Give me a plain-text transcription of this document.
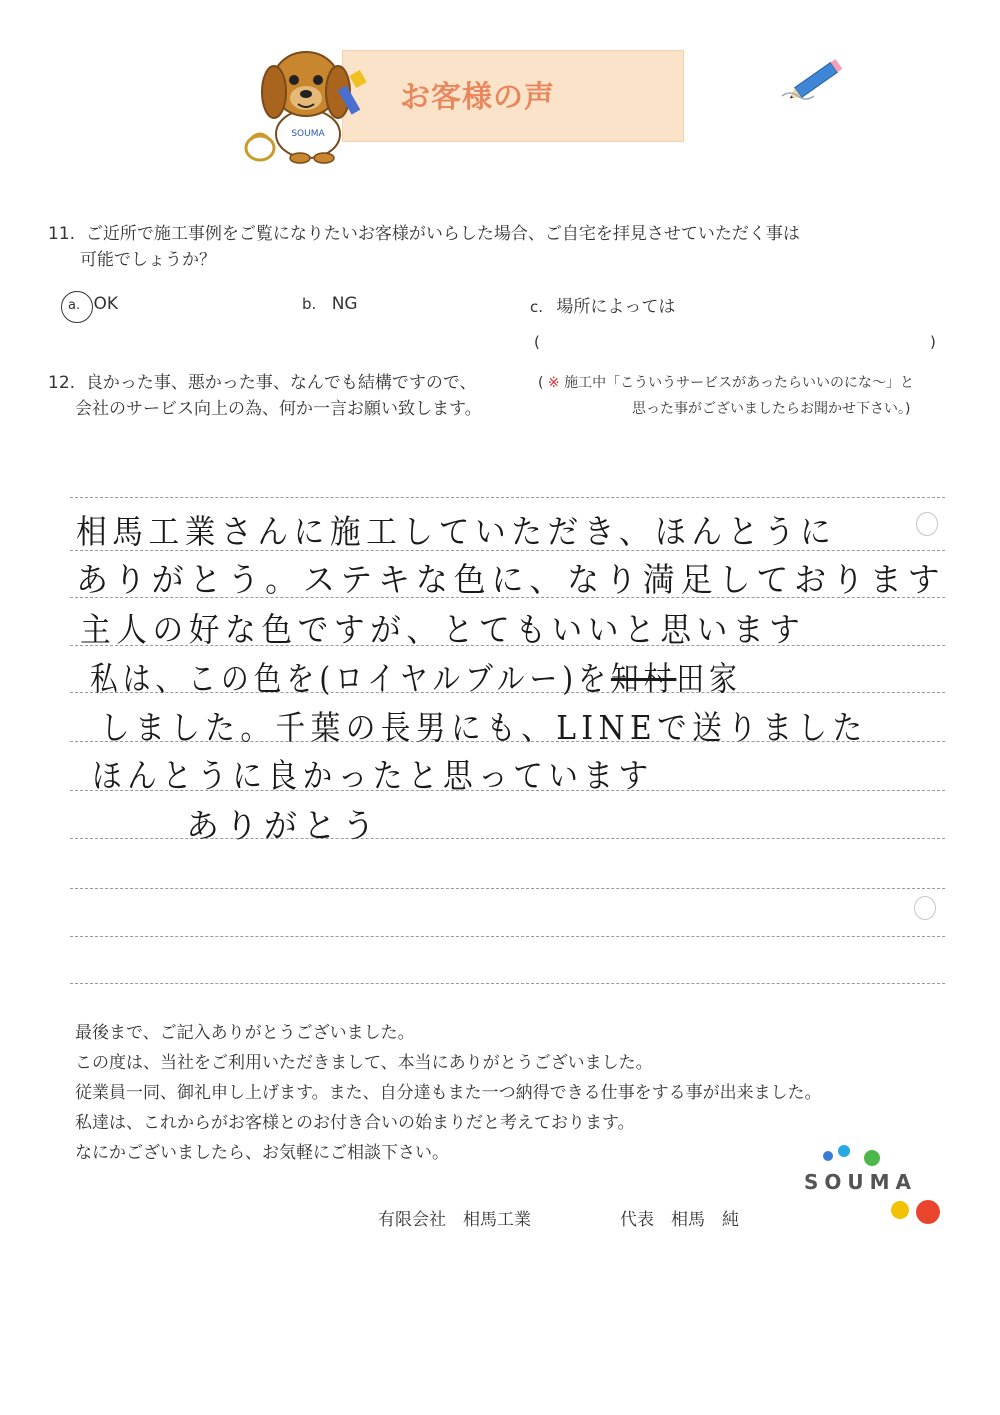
お客様の声
SOUMA
11. ご近所で施工事例をご覧になりたいお客様がいらした場合、ご自宅を拝見させていただく事は
可能でしょうか？
a. OK	b. NG	c. 場所によっては
(	)
12. 良かった事、悪かった事、なんでも結構ですので、
会社のサービス向上の為、何か一言お願い致します。
( ※ 施工中「こういうサービスがあったらいいのにな～」と
思った事がございましたらお聞かせ下さい。)
相馬工業さんに施工していただき、ほんとうに
ありがとう。ステキな色に、なり満足しております
主人の好な色ですが、とてもいいと思います
私は、この色を(ロイヤルブルー)を知村田家
しました。千葉の長男にも、LINEで送りました
ほんとうに良かったと思っています
ありがとう

最後まで、ご記入ありがとうございました。

この度は、当社をご利用いただきまして、本当にありがとうございました。

従業員一同、御礼申し上げます。また、自分達もまた一つ納得できる仕事をする事が出来ました。

私達は、これからがお客様とのお付き合いの始まりだと考えております。

なにかございましたら、お気軽にご相談下さい。

SOUMA
有限会社　相馬工業	代表　相馬　純
